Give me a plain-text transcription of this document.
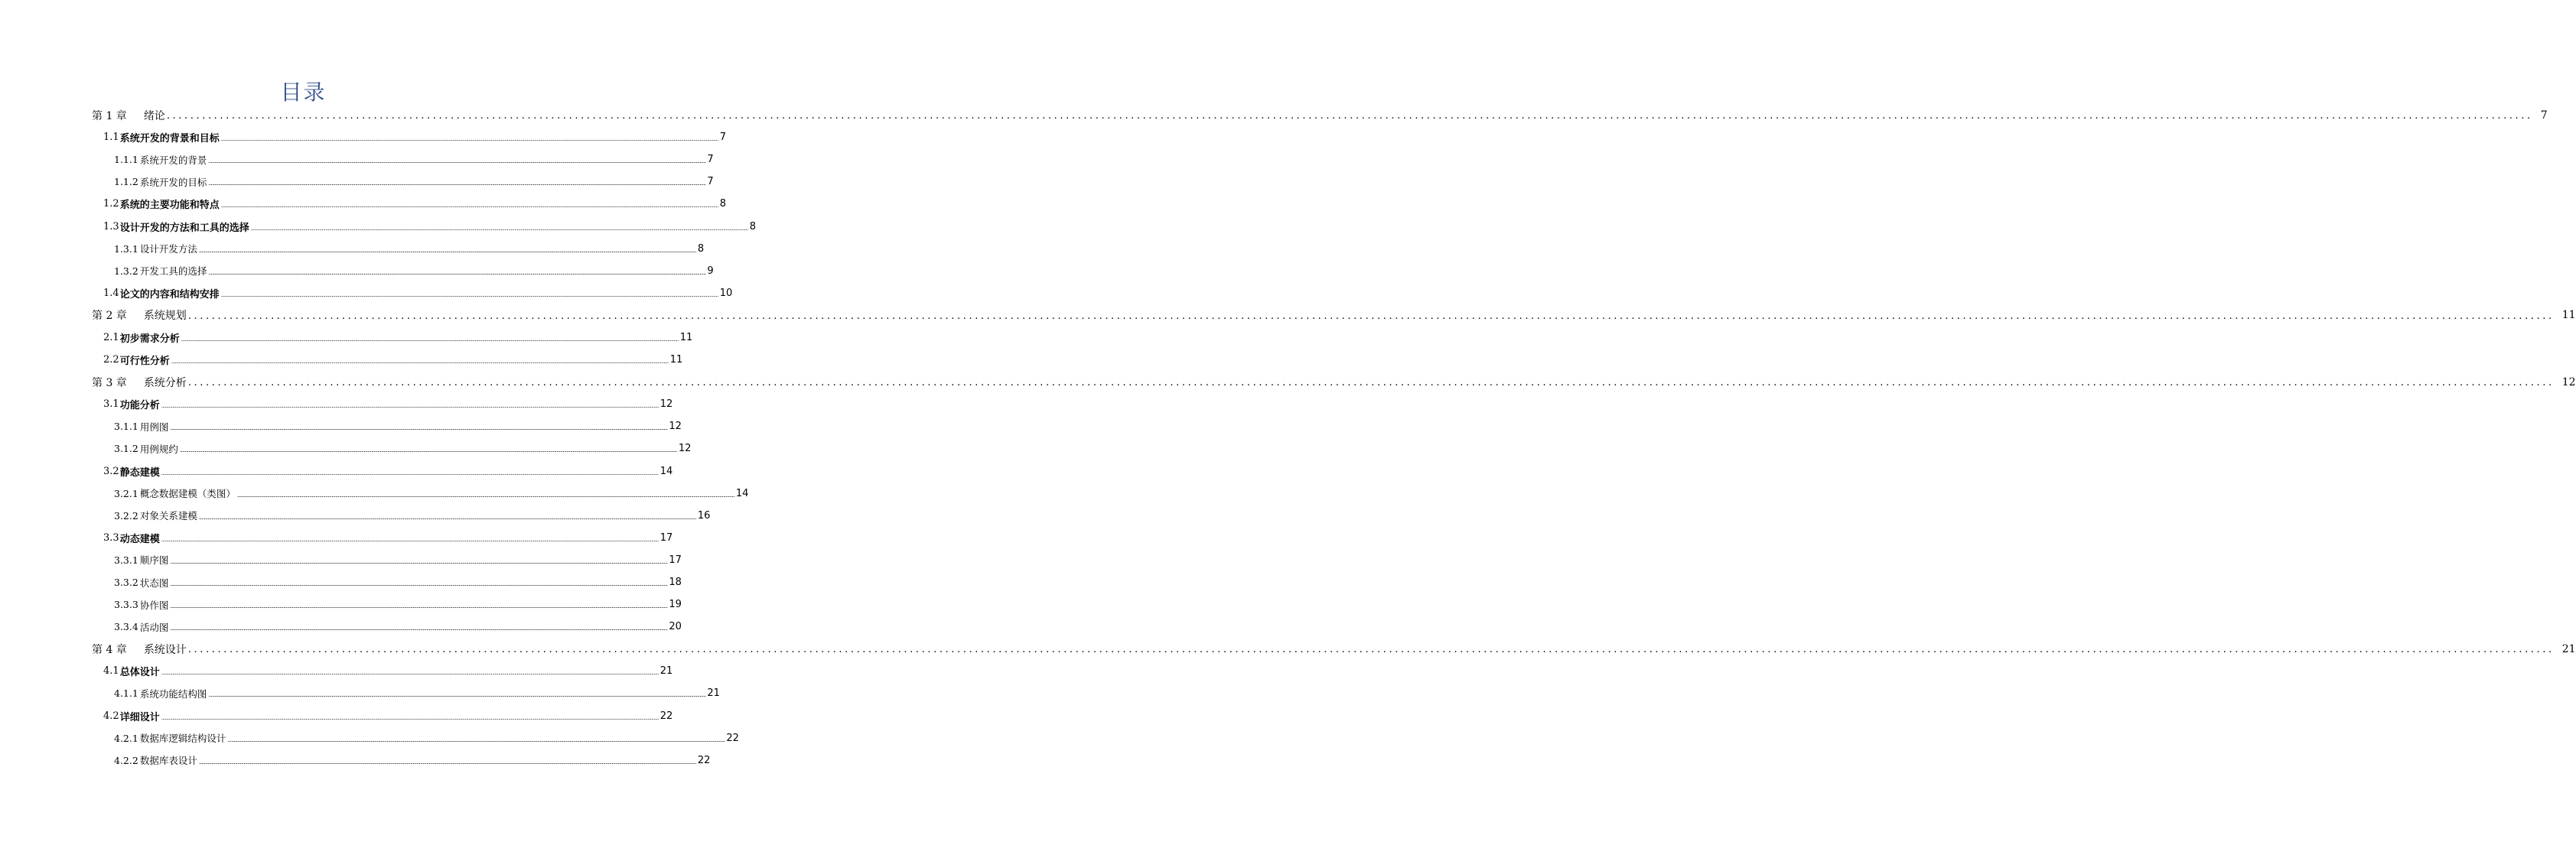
目录
第 1 章 绪论 ................................................................................................................................................................................................................................................................................................................................................................................................................ 7
1.1 系统开发的背景和目标 ................................................................................................................................................................................................................................................................................................................................................................................................................ 7
1.1.1 系统开发的背景 ................................................................................................................................................................................................................................................................................................................................................................................................................ 7
1.1.2 系统开发的目标 ................................................................................................................................................................................................................................................................................................................................................................................................................ 7
1.2 系统的主要功能和特点 ................................................................................................................................................................................................................................................................................................................................................................................................................ 8
1.3 设计开发的方法和工具的选择 ................................................................................................................................................................................................................................................................................................................................................................................................................ 8
1.3.1 设计开发方法 ................................................................................................................................................................................................................................................................................................................................................................................................................ 8
1.3.2 开发工具的选择 ................................................................................................................................................................................................................................................................................................................................................................................................................ 9
1.4 论文的内容和结构安排 ................................................................................................................................................................................................................................................................................................................................................................................................................ 10
第 2 章 系统规划 ................................................................................................................................................................................................................................................................................................................................................................................................................ 11
2.1 初步需求分析 ................................................................................................................................................................................................................................................................................................................................................................................................................ 11
2.2 可行性分析 ................................................................................................................................................................................................................................................................................................................................................................................................................ 11
第 3 章 系统分析 ................................................................................................................................................................................................................................................................................................................................................................................................................ 12
3.1 功能分析 ................................................................................................................................................................................................................................................................................................................................................................................................................ 12
3.1.1 用例图 ................................................................................................................................................................................................................................................................................................................................................................................................................ 12
3.1.2 用例规约 ................................................................................................................................................................................................................................................................................................................................................................................................................ 12
3.2 静态建模 ................................................................................................................................................................................................................................................................................................................................................................................................................ 14
3.2.1 概念数据建模（类图） ................................................................................................................................................................................................................................................................................................................................................................................................................ 14
3.2.2 对象关系建模 ................................................................................................................................................................................................................................................................................................................................................................................................................ 16
3.3 动态建模 ................................................................................................................................................................................................................................................................................................................................................................................................................ 17
3.3.1 顺序图 ................................................................................................................................................................................................................................................................................................................................................................................................................ 17
3.3.2 状态图 ................................................................................................................................................................................................................................................................................................................................................................................................................ 18
3.3.3 协作图 ................................................................................................................................................................................................................................................................................................................................................................................................................ 19
3.3.4 活动图 ................................................................................................................................................................................................................................................................................................................................................................................................................ 20
第 4 章 系统设计 ................................................................................................................................................................................................................................................................................................................................................................................................................ 21
4.1 总体设计 ................................................................................................................................................................................................................................................................................................................................................................................................................ 21
4.1.1 系统功能结构图 ................................................................................................................................................................................................................................................................................................................................................................................................................ 21
4.2 详细设计 ................................................................................................................................................................................................................................................................................................................................................................................................................ 22
4.2.1 数据库逻辑结构设计 ................................................................................................................................................................................................................................................................................................................................................................................................................ 22
4.2.2 数据库表设计 ................................................................................................................................................................................................................................................................................................................................................................................................................ 22
